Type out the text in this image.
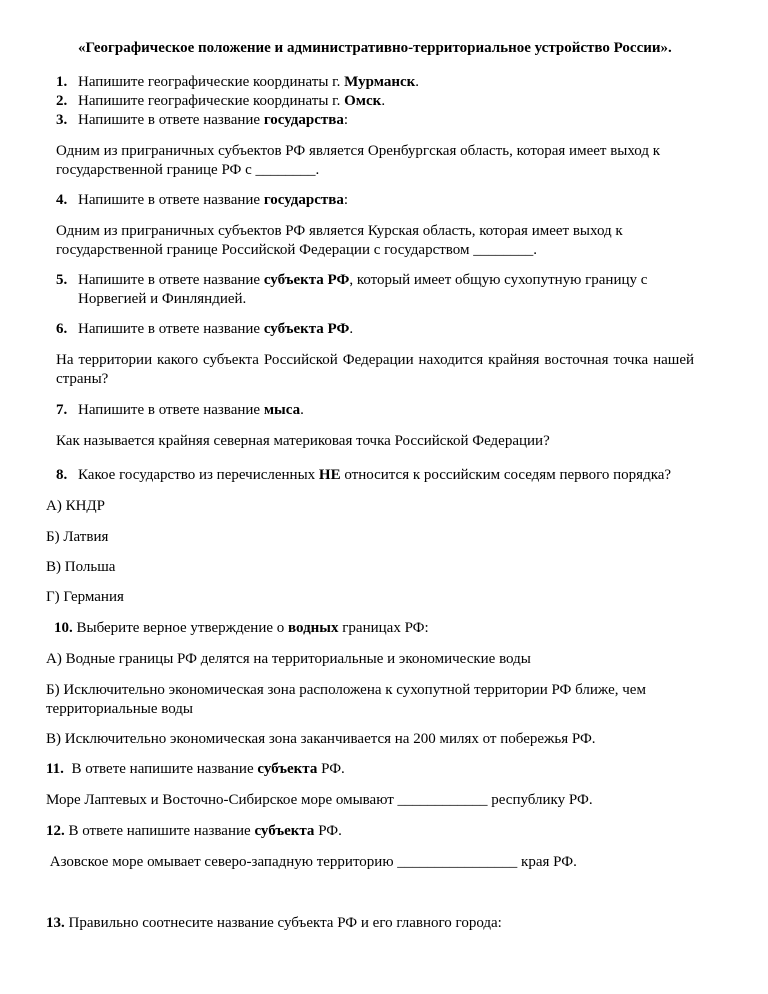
«Географическое положение и административно-территориальное устройство России».

1. Напишите географические координаты г. Мурманск.

2. Напишите географические координаты г. Омск.

3. Напишите в ответе название государства:

Одним из приграничных субъектов РФ является Оренбургская область, которая имеет выход к

государственной границе РФ с ________.

4. Напишите в ответе название государства:

Одним из приграничных субъектов РФ является Курская область, которая имеет выход к

государственной границе Российской Федерации с государством ________.

5. Напишите в ответе название субъекта РФ, который имеет общую сухопутную границу с

Норвегией и Финляндией.

6. Напишите в ответе название субъекта РФ.

На территории какого субъекта Российской Федерации находится крайняя восточная точка нашей

страны?

7. Напишите в ответе название мыса.

Как называется крайняя северная материковая точка Российской Федерации?

8. Какое государство из перечисленных НЕ относится к российским соседям первого порядка?

А) КНДР

Б) Латвия

В) Польша

Г) Германия

10. Выберите верное утверждение о водных границах РФ:

А) Водные границы РФ делятся на территориальные и экономические воды

Б) Исключительно экономическая зона расположена к сухопутной территории РФ ближе, чем

территориальные воды

В) Исключительно экономическая зона заканчивается на 200 милях от побережья РФ.

11.  В ответе напишите название субъекта РФ.

Море Лаптевых и Восточно-Сибирское море омывают ____________ республику РФ.

12. В ответе напишите название субъекта РФ.

Азовское море омывает северо-западную территорию ________________ края РФ.

13. Правильно соотнесите название субъекта РФ и его главного города:
